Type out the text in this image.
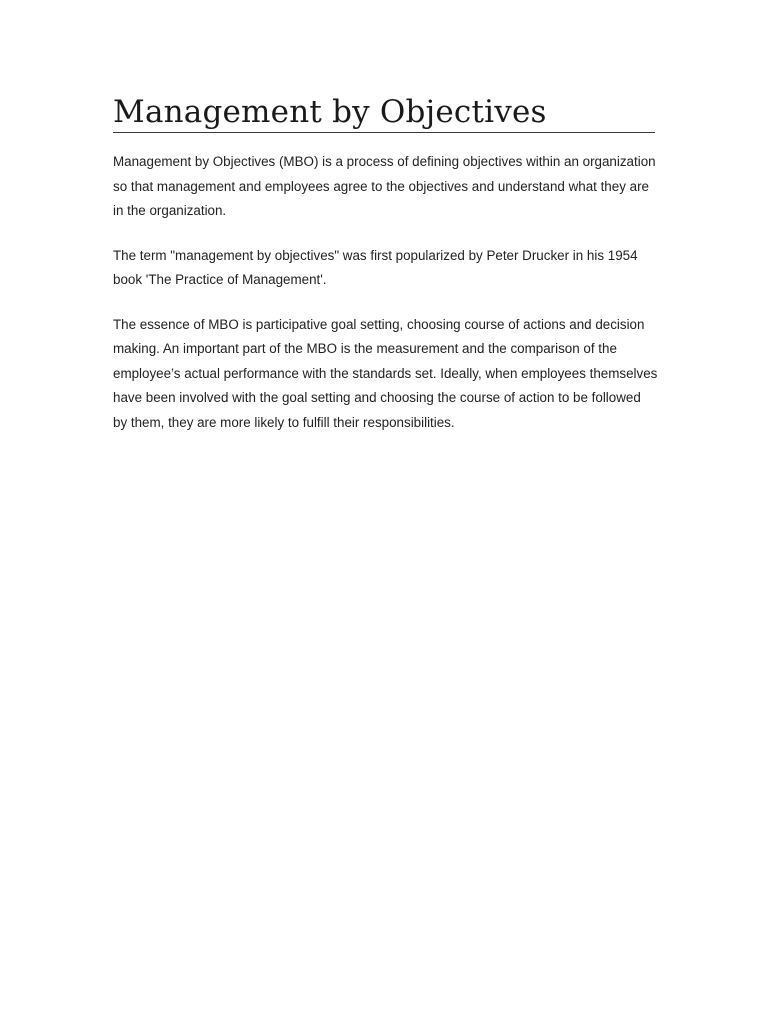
Management by Objectives

Management by Objectives (MBO) is a process of defining objectives within an organization so that management and employees agree to the objectives and understand what they are in the organization.

The term "management by objectives" was first popularized by Peter Drucker in his 1954 book 'The Practice of Management'.

The essence of MBO is participative goal setting, choosing course of actions and decision making. An important part of the MBO is the measurement and the comparison of the employee’s actual performance with the standards set. Ideally, when employees themselves have been involved with the goal setting and choosing the course of action to be followed by them, they are more likely to fulfill their responsibilities.
